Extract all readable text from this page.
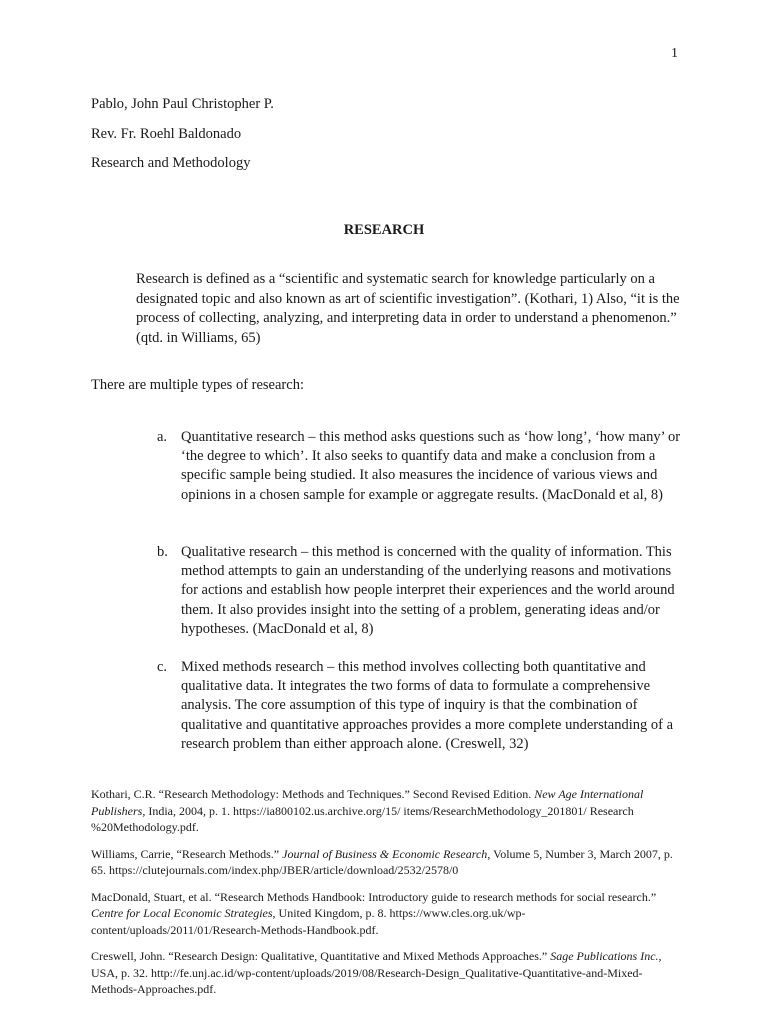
1
Pablo, John Paul Christopher P.
Rev. Fr. Roehl Baldonado
Research and Methodology
RESEARCH

Research is defined as a “scientific and systematic search for knowledge particularly on a designated topic and also known as art of scientific investigation”. (Kothari, 1) Also, “it is the process of collecting, analyzing, and interpreting data in order to understand a phenomenon.” (qtd. in Williams, 65)

There are multiple types of research:

a. Quantitative research – this method asks questions such as ‘how long’, ‘how many’ or ‘the degree to which’. It also seeks to quantify data and make a conclusion from a specific sample being studied. It also measures the incidence of various views and opinions in a chosen sample for example or aggregate results. (MacDonald et al, 8)
b. Qualitative research – this method is concerned with the quality of information. This method attempts to gain an understanding of the underlying reasons and motivations for actions and establish how people interpret their experiences and the world around them. It also provides insight into the setting of a problem, generating ideas and/or hypotheses. (MacDonald et al, 8)
c. Mixed methods research – this method involves collecting both quantitative and qualitative data. It integrates the two forms of data to formulate a comprehensive analysis. The core assumption of this type of inquiry is that the combination of qualitative and quantitative approaches provides a more complete understanding of a research problem than either approach alone. (Creswell, 32)

Kothari, C.R. “Research Methodology: Methods and Techniques.” Second Revised Edition. New Age International Publishers, India, 2004, p. 1. https://ia800102.us.archive.org/15/ items/ResearchMethodology_201801/ Research %20Methodology.pdf.

Williams, Carrie, “Research Methods.” Journal of Business & Economic Research, Volume 5, Number 3, March 2007, p. 65. https://clutejournals.com/index.php/JBER/article/download/2532/2578/0

MacDonald, Stuart, et al. “Research Methods Handbook: Introductory guide to research methods for social research.” Centre for Local Economic Strategies, United Kingdom, p. 8. https://www.cles.org.uk/wp-content/uploads/2011/01/Research-Methods-Handbook.pdf.

Creswell, John. “Research Design: Qualitative, Quantitative and Mixed Methods Approaches.” Sage Publications Inc., USA, p. 32. http://fe.unj.ac.id/wp-content/uploads/2019/08/Research-Design_Qualitative-Quantitative-and-Mixed-Methods-Approaches.pdf.
